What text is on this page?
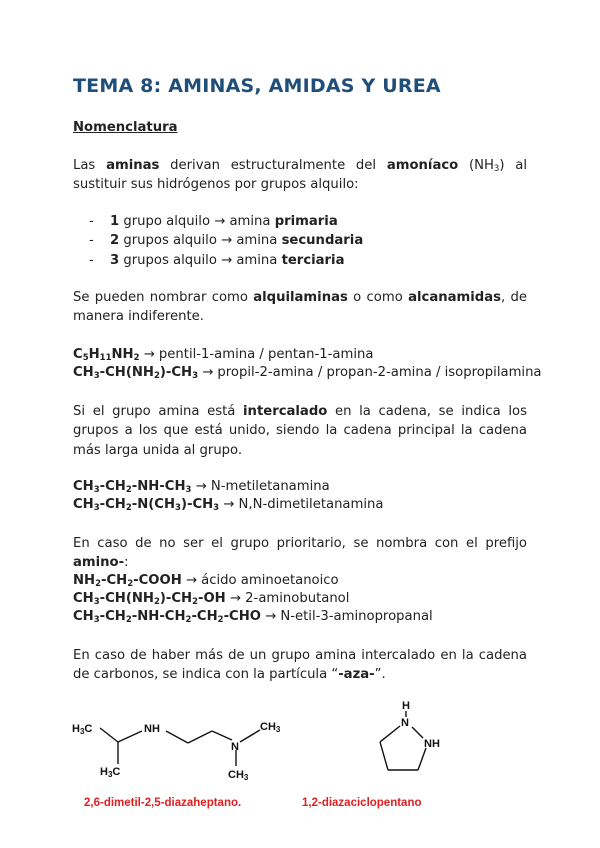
TEMA 8: AMINAS, AMIDAS Y UREA
Nomenclatura

Las aminas derivan estructuralmente del amoníaco $(NH_3)$ al sustituir sus hidrógenos por grupos alquilo:

- 1 grupo alquilo → amina primaria
- 2 grupos alquilo → amina secundaria
- 3 grupos alquilo → amina terciaria

Se pueden nombrar como alquilaminas o como alcanamidas, de manera indiferente.

$C_5H_{11}NH_2$ → pentil-1-amina / pentan-1-amina
$CH_3-CH(NH_2)-CH_3$ → propil-2-amina / propan-2-amina / isopropilamina

Si el grupo amina está intercalado en la cadena, se indica los grupos a los que está unido, siendo la cadena principal la cadena más larga unida al grupo.

$CH_3-CH_2-NH-CH_3$ → N-metiletanamina
$CH_3-CH_2-N(CH_3)-CH_3$ → N,N-dimetiletanamina

En caso de no ser el grupo prioritario, se nombra con el prefijo amino-:

$NH_2-CH_2$-COOH → ácido aminoetanoico
$CH_3-CH(NH_2)-CH_2-OH$ → 2-aminobutanol
$CH_3-CH_2-NH-CH_2-CH_2$-CHO → N-etil-3-aminopropanal

En caso de haber más de un grupo amina intercalado en la cadena de carbonos, se indica con la partícula “-aza-”.

H3C	NH	CH3
N
H3C	CH3
H
N
NH
2,6-dimetil-2,5-diazaheptano.	1,2-diazaciclopentano
